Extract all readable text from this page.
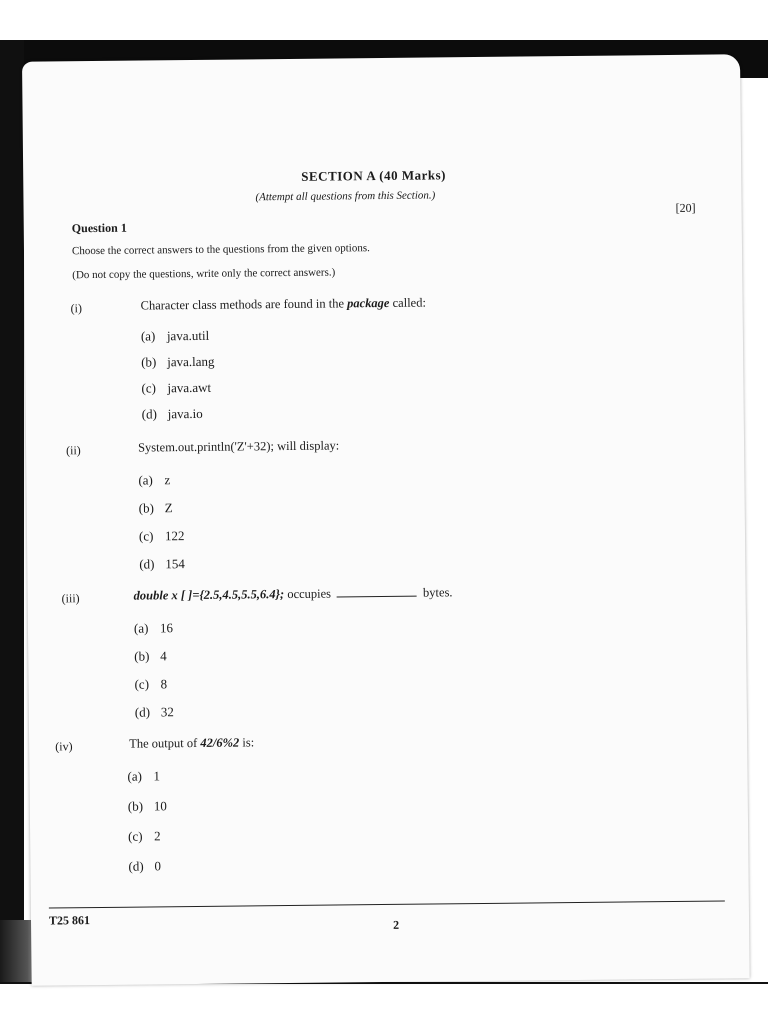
SECTION A (40 Marks)
(Attempt all questions from this Section.)
[20]
Question 1
Choose the correct answers to the questions from the given options.
(Do not copy the questions, write only the correct answers.)
(i)	Character class methods are found in the package called:
(a) java.util
(b) java.lang
(c) java.awt
(d) java.io
(ii)	System.out.println('Z'+32); will display:
(a) z
(b) Z
(c) 122
(d) 154
(iii)	double x [ ]={2.5,4.5,5.5,6.4}; occupies	bytes.
(a) 16
(b) 4
(c) 8
(d) 32
(iv)	The output of 42/6%2 is:
(a) 1
(b) 10
(c) 2
(d) 0
T25 861	2
